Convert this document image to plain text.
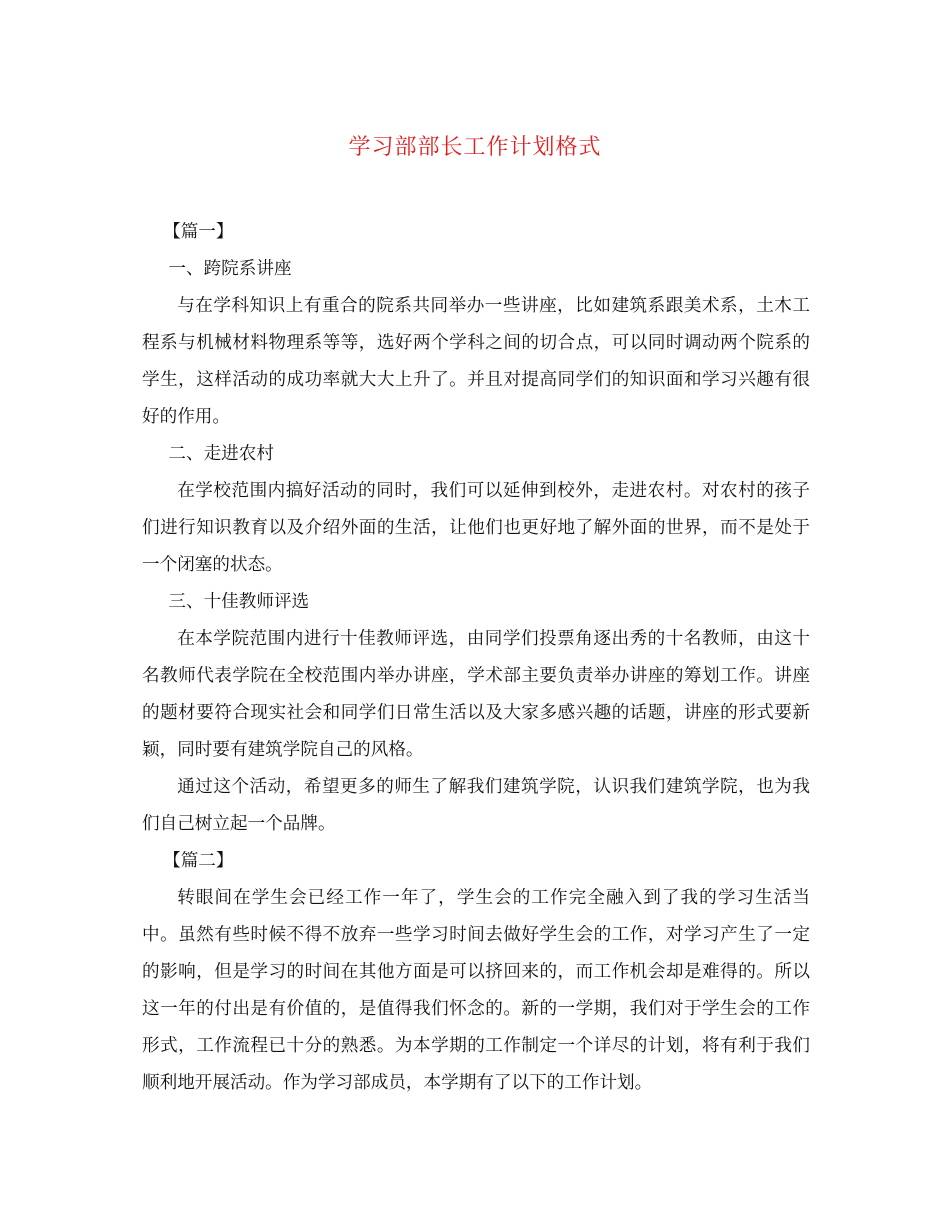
学习部部长工作计划格式

【篇一】

一、跨院系讲座

与在学科知识上有重合的院系共同举办一些讲座，比如建筑系跟美术系，土木工程系与机械材料物理系等等，选好两个学科之间的切合点，可以同时调动两个院系的学生，这样活动的成功率就大大上升了。并且对提高同学们的知识面和学习兴趣有很好的作用。

二、走进农村

在学校范围内搞好活动的同时，我们可以延伸到校外，走进农村。对农村的孩子们进行知识教育以及介绍外面的生活，让他们也更好地了解外面的世界，而不是处于一个闭塞的状态。

三、十佳教师评选

在本学院范围内进行十佳教师评选，由同学们投票角逐出秀的十名教师，由这十名教师代表学院在全校范围内举办讲座，学术部主要负责举办讲座的筹划工作。讲座的题材要符合现实社会和同学们日常生活以及大家多感兴趣的话题，讲座的形式要新颖，同时要有建筑学院自己的风格。

通过这个活动，希望更多的师生了解我们建筑学院，认识我们建筑学院，也为我们自己树立起一个品牌。

【篇二】

转眼间在学生会已经工作一年了，学生会的工作完全融入到了我的学习生活当中。虽然有些时候不得不放弃一些学习时间去做好学生会的工作，对学习产生了一定的影响，但是学习的时间在其他方面是可以挤回来的，而工作机会却是难得的。所以这一年的付出是有价值的，是值得我们怀念的。新的一学期，我们对于学生会的工作形式，工作流程已十分的熟悉。为本学期的工作制定一个详尽的计划，将有利于我们顺利地开展活动。作为学习部成员，本学期有了以下的工作计划。
